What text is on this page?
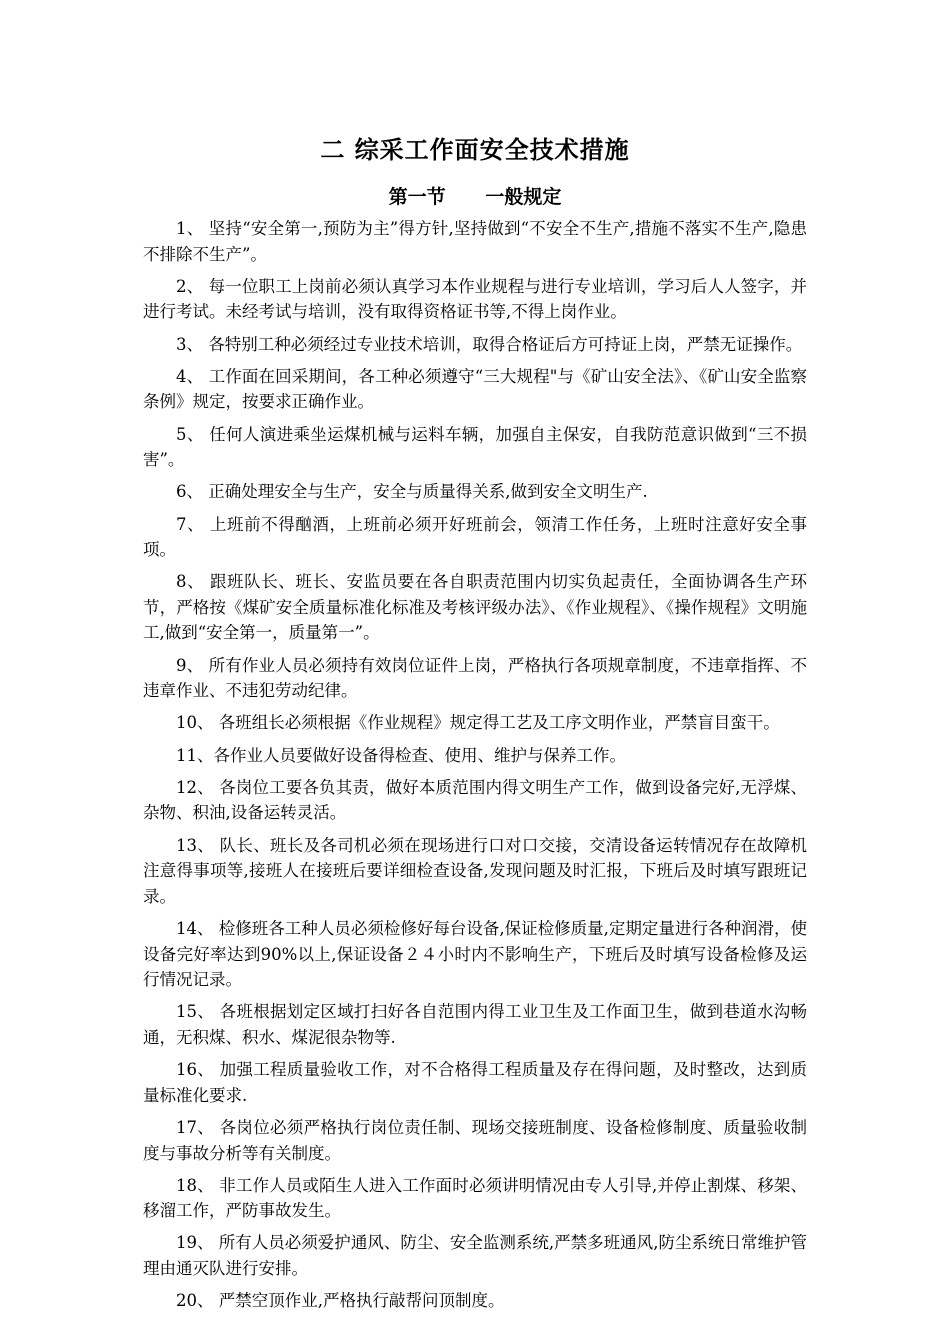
二 综采工作面安全技术措施
第一节      一般规定

1、 坚持“安全第一,预防为主”得方针,坚持做到“不安全不生产,措施不落实不生产,隐患不排除不生产”。

2、 每一位职工上岗前必须认真学习本作业规程与进行专业培训，学习后人人签字，并进行考试。未经考试与培训，没有取得资格证书等,不得上岗作业。

3、 各特别工种必须经过专业技术培训，取得合格证后方可持证上岗，严禁无证操作。

4、 工作面在回采期间，各工种必须遵守“三大规程"与《矿山安全法》、《矿山安全监察条例》规定，按要求正确作业。

5、 任何人演进乘坐运煤机械与运料车辆，加强自主保安，自我防范意识做到“三不损害”。

6、 正确处理安全与生产，安全与质量得关系,做到安全文明生产.

7、 上班前不得酗酒，上班前必须开好班前会，领清工作任务，上班时注意好安全事项。

8、 跟班队长、班长、安监员要在各自职责范围内切实负起责任，全面协调各生产环节，严格按《煤矿安全质量标准化标准及考核评级办法》、《作业规程》、《操作规程》文明施工,做到“安全第一，质量第一”。

9、 所有作业人员必须持有效岗位证件上岗，严格执行各项规章制度，不违章指挥、不违章作业、不违犯劳动纪律。

10、 各班组长必须根据《作业规程》规定得工艺及工序文明作业，严禁盲目蛮干。

11、各作业人员要做好设备得检查、使用、维护与保养工作。

12、 各岗位工要各负其责，做好本质范围内得文明生产工作，做到设备完好,无浮煤、杂物、积油,设备运转灵活。

13、 队长、班长及各司机必须在现场进行口对口交接，交清设备运转情况存在故障机注意得事项等,接班人在接班后要详细检查设备,发现问题及时汇报，下班后及时填写跟班记录。

14、 检修班各工种人员必须检修好每台设备,保证检修质量,定期定量进行各种润滑，使设备完好率达到90%以上,保证设备２４小时内不影响生产，下班后及时填写设备检修及运行情况记录。

15、 各班根据划定区域打扫好各自范围内得工业卫生及工作面卫生，做到巷道水沟畅通，无积煤、积水、煤泥很杂物等.

16、 加强工程质量验收工作，对不合格得工程质量及存在得问题，及时整改，达到质量标准化要求.

17、 各岗位必须严格执行岗位责任制、现场交接班制度、设备检修制度、质量验收制度与事故分析等有关制度。

18、 非工作人员或陌生人进入工作面时必须讲明情况由专人引导,并停止割煤、移架、移溜工作，严防事故发生。

19、 所有人员必须爱护通风、防尘、安全监测系统,严禁多班通风,防尘系统日常维护管理由通灭队进行安排。

20、 严禁空顶作业,严格执行敲帮问顶制度。
